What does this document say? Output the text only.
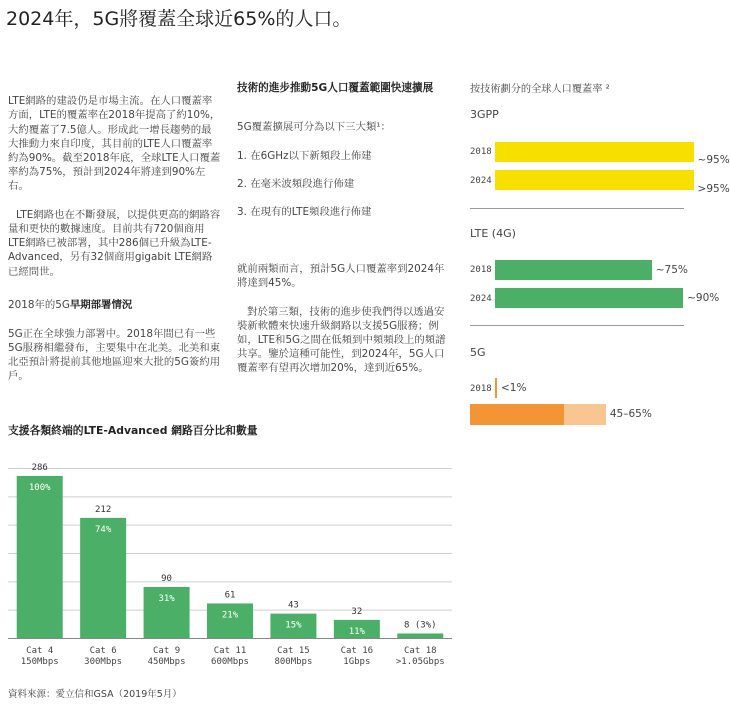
2024年，5G將覆蓋全球近65%的人口。

LTE網路的建設仍是市場主流。在人口覆蓋率方面，LTE的覆蓋率在2018年提高了約10%，大約覆蓋了7.5億人。形成此一增長趨勢的最大推動力來自印度，其目前的LTE人口覆蓋率約為90%。截至2018年底，全球LTE人口覆蓋率約為75%，預計到2024年將達到90%左右。

LTE網路也在不斷發展，以提供更高的網路容量和更快的數據速度。目前共有720個商用LTE網路已被部署，其中286個已升級為LTE-Advanced，另有32個商用gigabit LTE網路已經問世。

2018年的5G早期部署情況

5G正在全球強力部署中。2018年間已有一些5G服務相繼發布，主要集中在北美。北美和東北亞預計將提前其他地區迎來大批的5G簽約用戶。

技術的進步推動5G人口覆蓋範圍快速擴展

5G覆蓋擴展可分為以下三大類¹：

1. 在6GHz以下新頻段上佈建

2. 在毫米波頻段進行佈建

3. 在現有的LTE頻段進行佈建

就前兩類而言，預計5G人口覆蓋率到2024年將達到45%。

對於第三類，技術的進步使我們得以透過安裝新軟體來快速升級網路以支援5G服務；例如，LTE和5G之間在低頻到中頻頻段上的頻譜共享。鑒於這種可能性，到2024年，5G人口覆蓋率有望再次增加20%，達到近65%。

按技術劃分的全球人口覆蓋率 ²
3GPP
2018
~95%
2024
>95%
LTE (4G)
2018	~75%
2024	~90%
5G
2018 <1%
45–65%
支援各類終端的LTE-Advanced 網路百分比和數量
286
100%
Cat 4
150Mbps
212
74%
Cat 6
300Mbps
90
31%
Cat 9
450Mbps
61
21%
Cat 11
600Mbps
43
15%
Cat 15
800Mbps
32
11%
Cat 16
1Gbps
8 (3%)
Cat 18
>1.05Gbps
資料來源：愛立信和GSA（2019年5月）
